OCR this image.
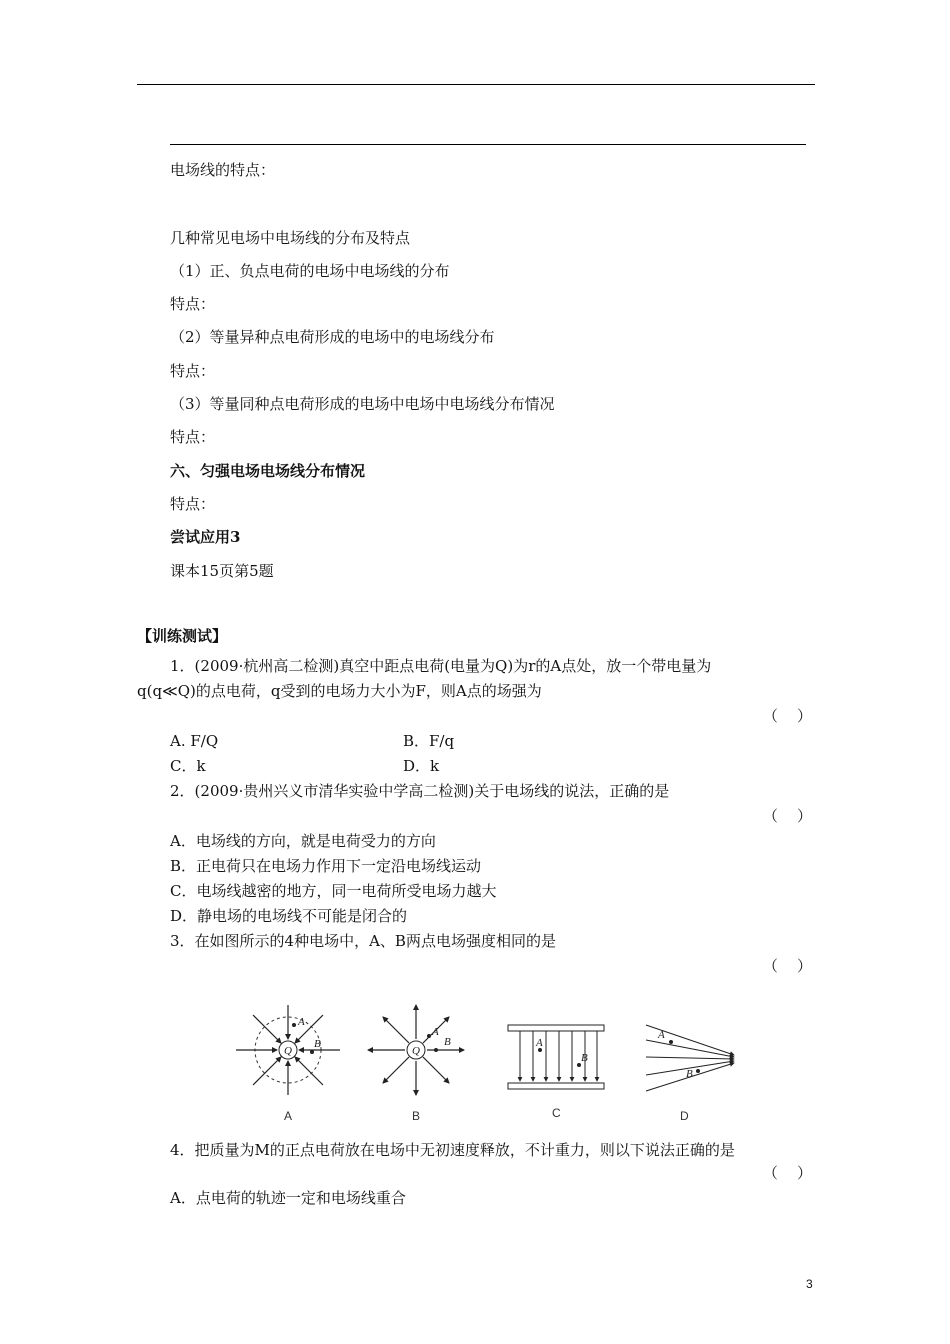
电场线的特点：
几种常见电场中电场线的分布及特点
（1）正、负点电荷的电场中电场线的分布
特点：
（2）等量异种点电荷形成的电场中的电场线分布
特点：
（3）等量同种点电荷形成的电场中电场中电场线分布情况
特点：
六、匀强电场电场线分布情况
特点：
尝试应用3
课本15页第5题
【训练测试】
1．(2009·杭州高二检测)真空中距点电荷(电量为Q)为r的A点处，放一个带电量为
q(q≪Q)的点电荷，q受到的电场力大小为F，则A点的场强为
（    ）
A. F/Q	B．F/q
C．k	D．k
2．(2009·贵州兴义市清华实验中学高二检测)关于电场线的说法，正确的是
（    ）
A．电场线的方向，就是电荷受力的方向
B．正电荷只在电场力作用下一定沿电场线运动
C．电场线越密的地方，同一电荷所受电场力越大
D．静电场的电场线不可能是闭合的
3．在如图所示的4种电场中，A、B两点电场强度相同的是
（    ）
Q
A
B
A
Q
A
B
B
A
B
C
A
B
D
4．把质量为M的正点电荷放在电场中无初速度释放，不计重力，则以下说法正确的是
（    ）
A．点电荷的轨迹一定和电场线重合
3
